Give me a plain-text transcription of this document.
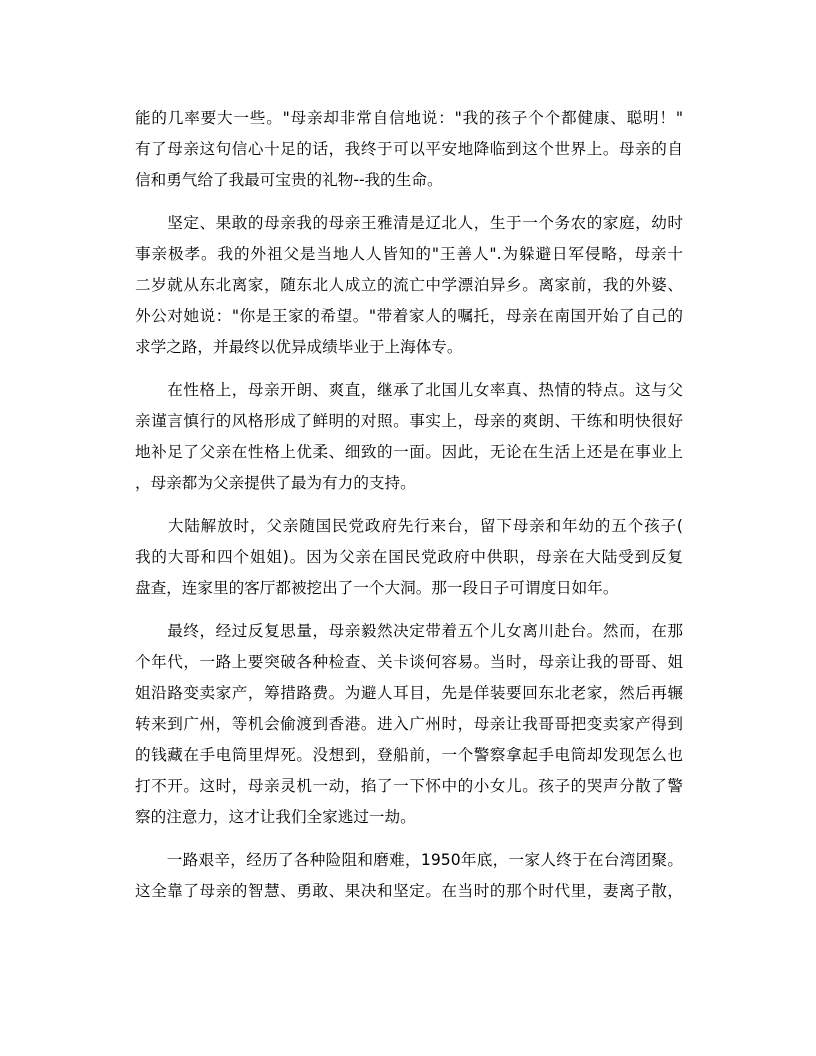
能的几率要大一些。"母亲却非常自信地说："我的孩子个个都健康、聪明！"
有了母亲这句信心十足的话，我终于可以平安地降临到这个世界上。母亲的自
信和勇气给了我最可宝贵的礼物--我的生命。

　　坚定、果敢的母亲我的母亲王雅清是辽北人，生于一个务农的家庭，幼时
事亲极孝。我的外祖父是当地人人皆知的"王善人".为躲避日军侵略，母亲十
二岁就从东北离家，随东北人成立的流亡中学漂泊异乡。离家前，我的外婆、
外公对她说："你是王家的希望。"带着家人的嘱托，母亲在南国开始了自己的
求学之路，并最终以优异成绩毕业于上海体专。

　　在性格上，母亲开朗、爽直，继承了北国儿女率真、热情的特点。这与父
亲谨言慎行的风格形成了鲜明的对照。事实上，母亲的爽朗、干练和明快很好
地补足了父亲在性格上优柔、细致的一面。因此，无论在生活上还是在事业上
，母亲都为父亲提供了最为有力的支持。

　　大陆解放时，父亲随国民党政府先行来台，留下母亲和年幼的五个孩子(
我的大哥和四个姐姐)。因为父亲在国民党政府中供职，母亲在大陆受到反复
盘查，连家里的客厅都被挖出了一个大洞。那一段日子可谓度日如年。

　　最终，经过反复思量，母亲毅然决定带着五个儿女离川赴台。然而，在那
个年代，一路上要突破各种检查、关卡谈何容易。当时，母亲让我的哥哥、姐
姐沿路变卖家产，筹措路费。为避人耳目，先是佯装要回东北老家，然后再辗
转来到广州，等机会偷渡到香港。进入广州时，母亲让我哥哥把变卖家产得到
的钱藏在手电筒里焊死。没想到，登船前，一个警察拿起手电筒却发现怎么也
打不开。这时，母亲灵机一动，掐了一下怀中的小女儿。孩子的哭声分散了警
察的注意力，这才让我们全家逃过一劫。

　　一路艰辛，经历了各种险阻和磨难，1950年底，一家人终于在台湾团聚。
这全靠了母亲的智慧、勇敢、果决和坚定。在当时的那个时代里，妻离子散，
